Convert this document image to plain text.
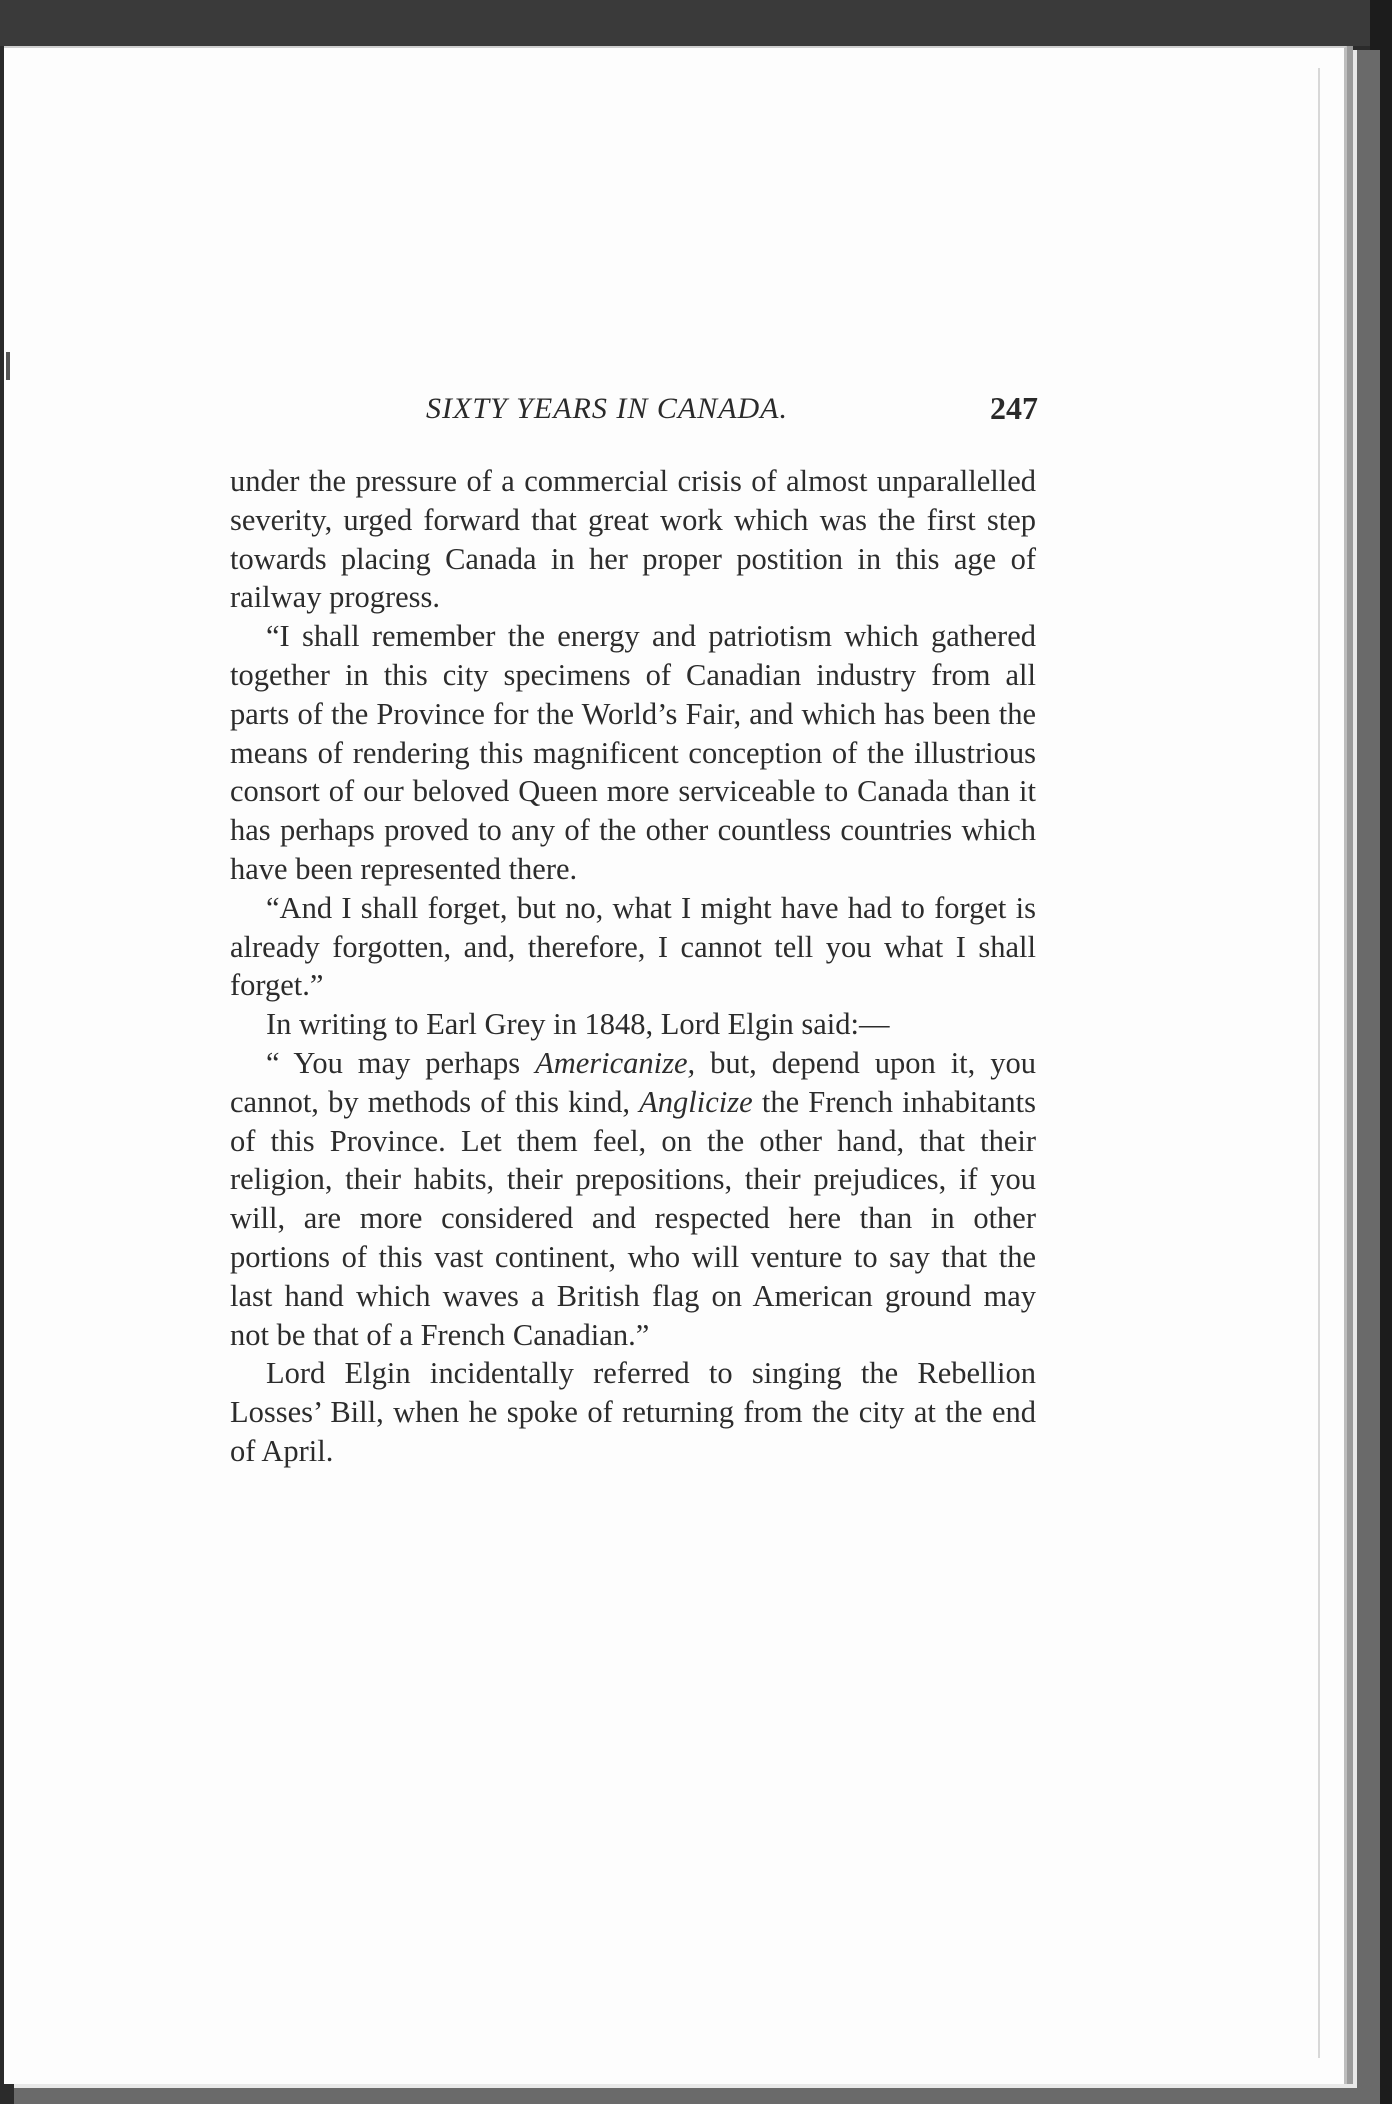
SIXTY YEARS IN CANADA.	247

under the pressure of a commercial crisis of almost unparallelled severity, urged forward that great work which was the first step towards placing Canada in her proper postition in this age of railway progress.

“I shall remember the energy and patriotism which gathered together in this city specimens of Canadian industry from all parts of the Province for the World’s Fair, and which has been the means of rendering this magnificent conception of the illustrious consort of our beloved Queen more serviceable to Canada than it has perhaps proved to any of the other countless countries which have been represented there.

“And I shall forget, but no, what I might have had to forget is already forgotten, and, therefore, I cannot tell you what I shall forget.”

In writing to Earl Grey in 1848, Lord Elgin said:—

“ You may perhaps Americanize, but, depend upon it, you cannot, by methods of this kind, Anglicize the French inhabitants of this Province. Let them feel, on the other hand, that their religion, their habits, their prepositions, their prejudices, if you will, are more considered and respected here than in other portions of this vast continent, who will venture to say that the last hand which waves a British flag on American ground may not be that of a French Canadian.”

Lord Elgin incidentally referred to singing the Rebellion Losses’ Bill, when he spoke of returning from the city at the end of April.
